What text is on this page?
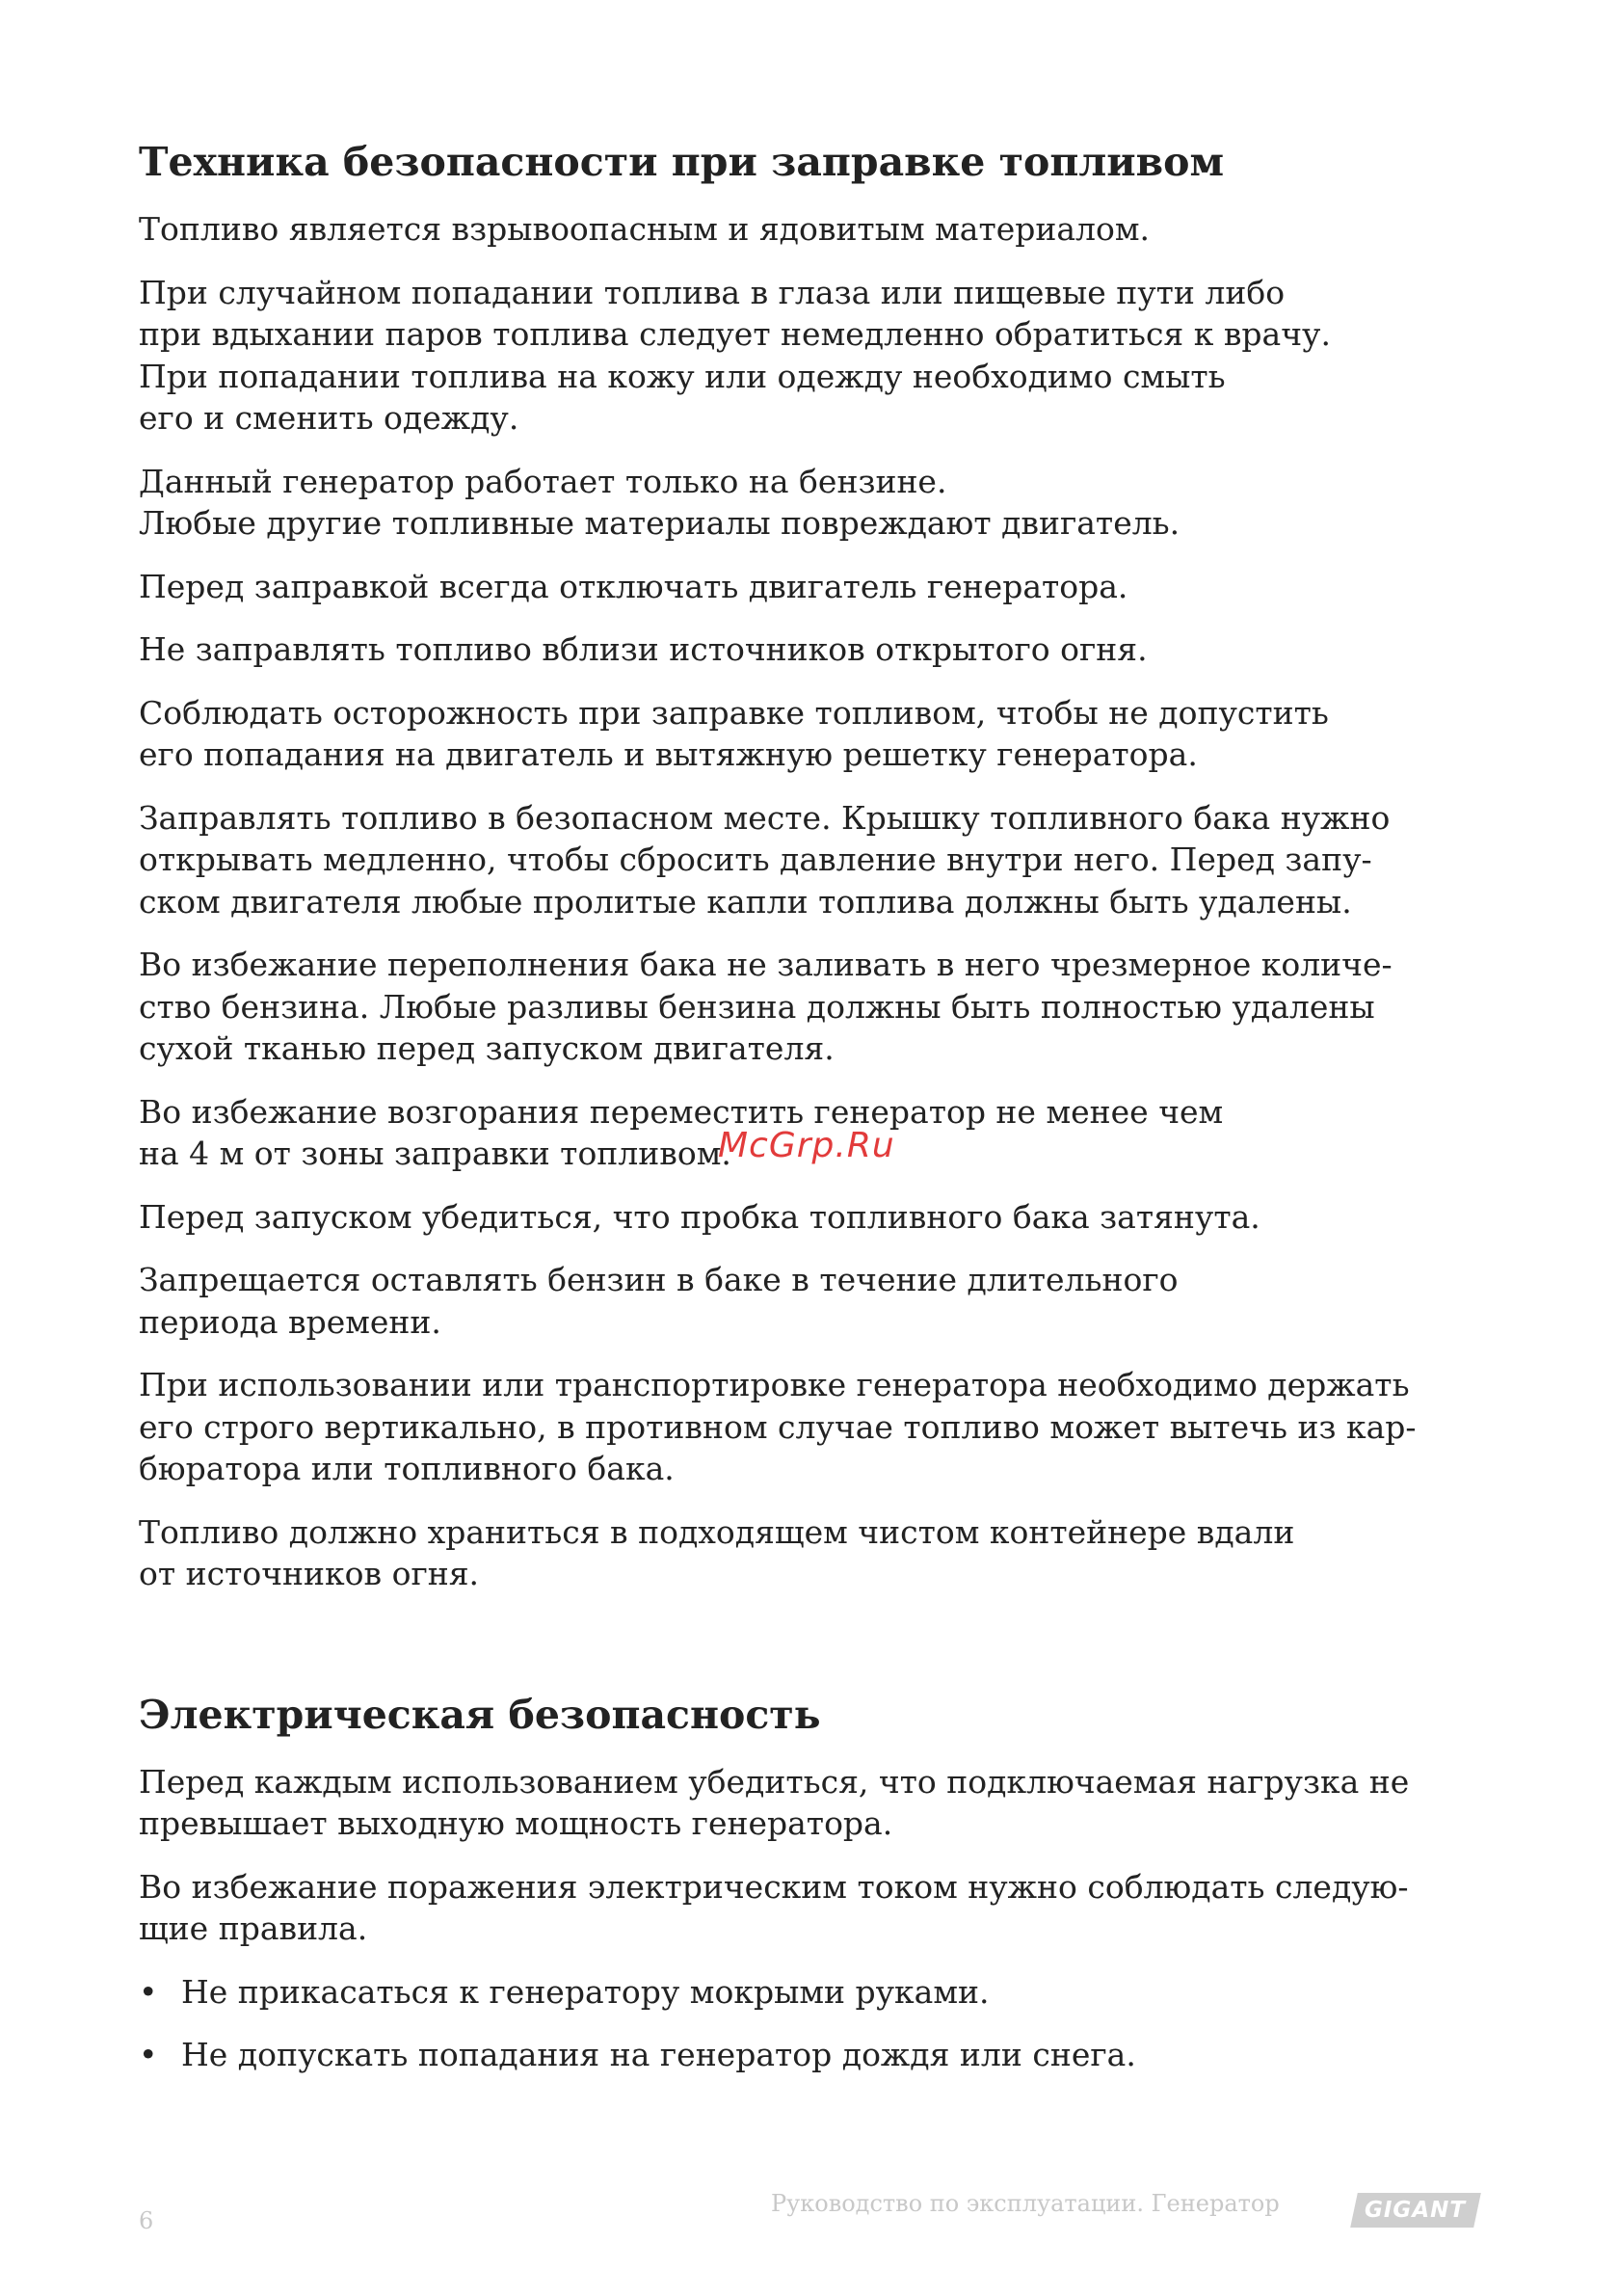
Техника безопасности при заправке топливом

Топливо является взрывоопасным и ядовитым материалом.

При случайном попадании топлива в глаза или пищевые пути либо
при вдыхании паров топлива следует немедленно обратиться к врачу.
При попадании топлива на кожу или одежду необходимо смыть
его и сменить одежду.

Данный генератор работает только на бензине.
Любые другие топливные материалы повреждают двигатель.

Перед заправкой всегда отключать двигатель генератора.

Не заправлять топливо вблизи источников открытого огня.

Соблюдать осторожность при заправке топливом, чтобы не допустить
его попадания на двигатель и вытяжную решетку генератора.

Заправлять топливо в безопасном месте. Крышку топливного бака нужно
открывать медленно, чтобы сбросить давление внутри него. Перед запу-
ском двигателя любые пролитые капли топлива должны быть удалены.

Во избежание переполнения бака не заливать в него чрезмерное количе-
ство бензина. Любые разливы бензина должны быть полностью удалены
сухой тканью перед запуском двигателя.

Во избежание возгорания переместить генератор не менее чем
на 4 м от зоны заправки топливом.

Перед запуском убедиться, что пробка топливного бака затянута.

Запрещается оставлять бензин в баке в течение длительного
периода времени.

При использовании или транспортировке генератора необходимо держать
его строго вертикально, в противном случае топливо может вытечь из кар-
бюратора или топливного бака.

Топливо должно храниться в подходящем чистом контейнере вдали
от источников огня.

Электрическая безопасность

Перед каждым использованием убедиться, что подключаемая нагрузка не
превышает выходную мощность генератора.

Во избежание поражения электрическим током нужно соблюдать следую-
щие правила.

• Не прикасаться к генератору мокрыми руками.
• Не допускать попадания на генератор дождя или снега.
McGrp.Ru
6
Руководство по эксплуатации. Генератор	GIGANT
